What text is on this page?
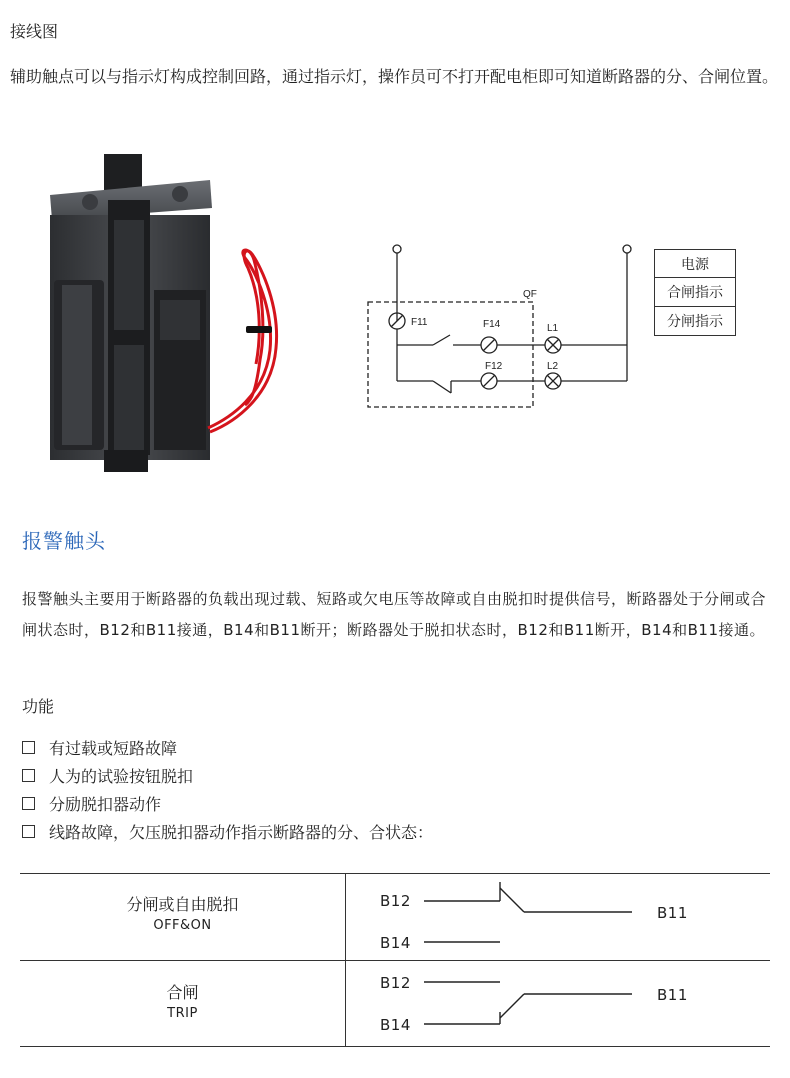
接线图
辅助触点可以与指示灯构成控制回路，通过指示灯，操作员可不打开配电柜即可知道断路器的分、合闸位置。
QF
F11	F14
F12
L1
L2
电源
合闸指示
分闸指示
报警触头
报警触头主要用于断路器的负载出现过载、短路或欠电压等故障或自由脱扣时提供信号，断路器处于分闸或合闸状态时，B12和B11接通，B14和B11断开；断路器处于脱扣状态时，B12和B11断开，B14和B11接通。
功能
有过载或短路故障
人为的试验按钮脱扣
分励脱扣器动作
线路故障，欠压脱扣器动作指示断路器的分、合状态：
分闸或自由脱扣
OFF&ON
B12
B14
B11
合闸
TRIP
B12
B14
B11
